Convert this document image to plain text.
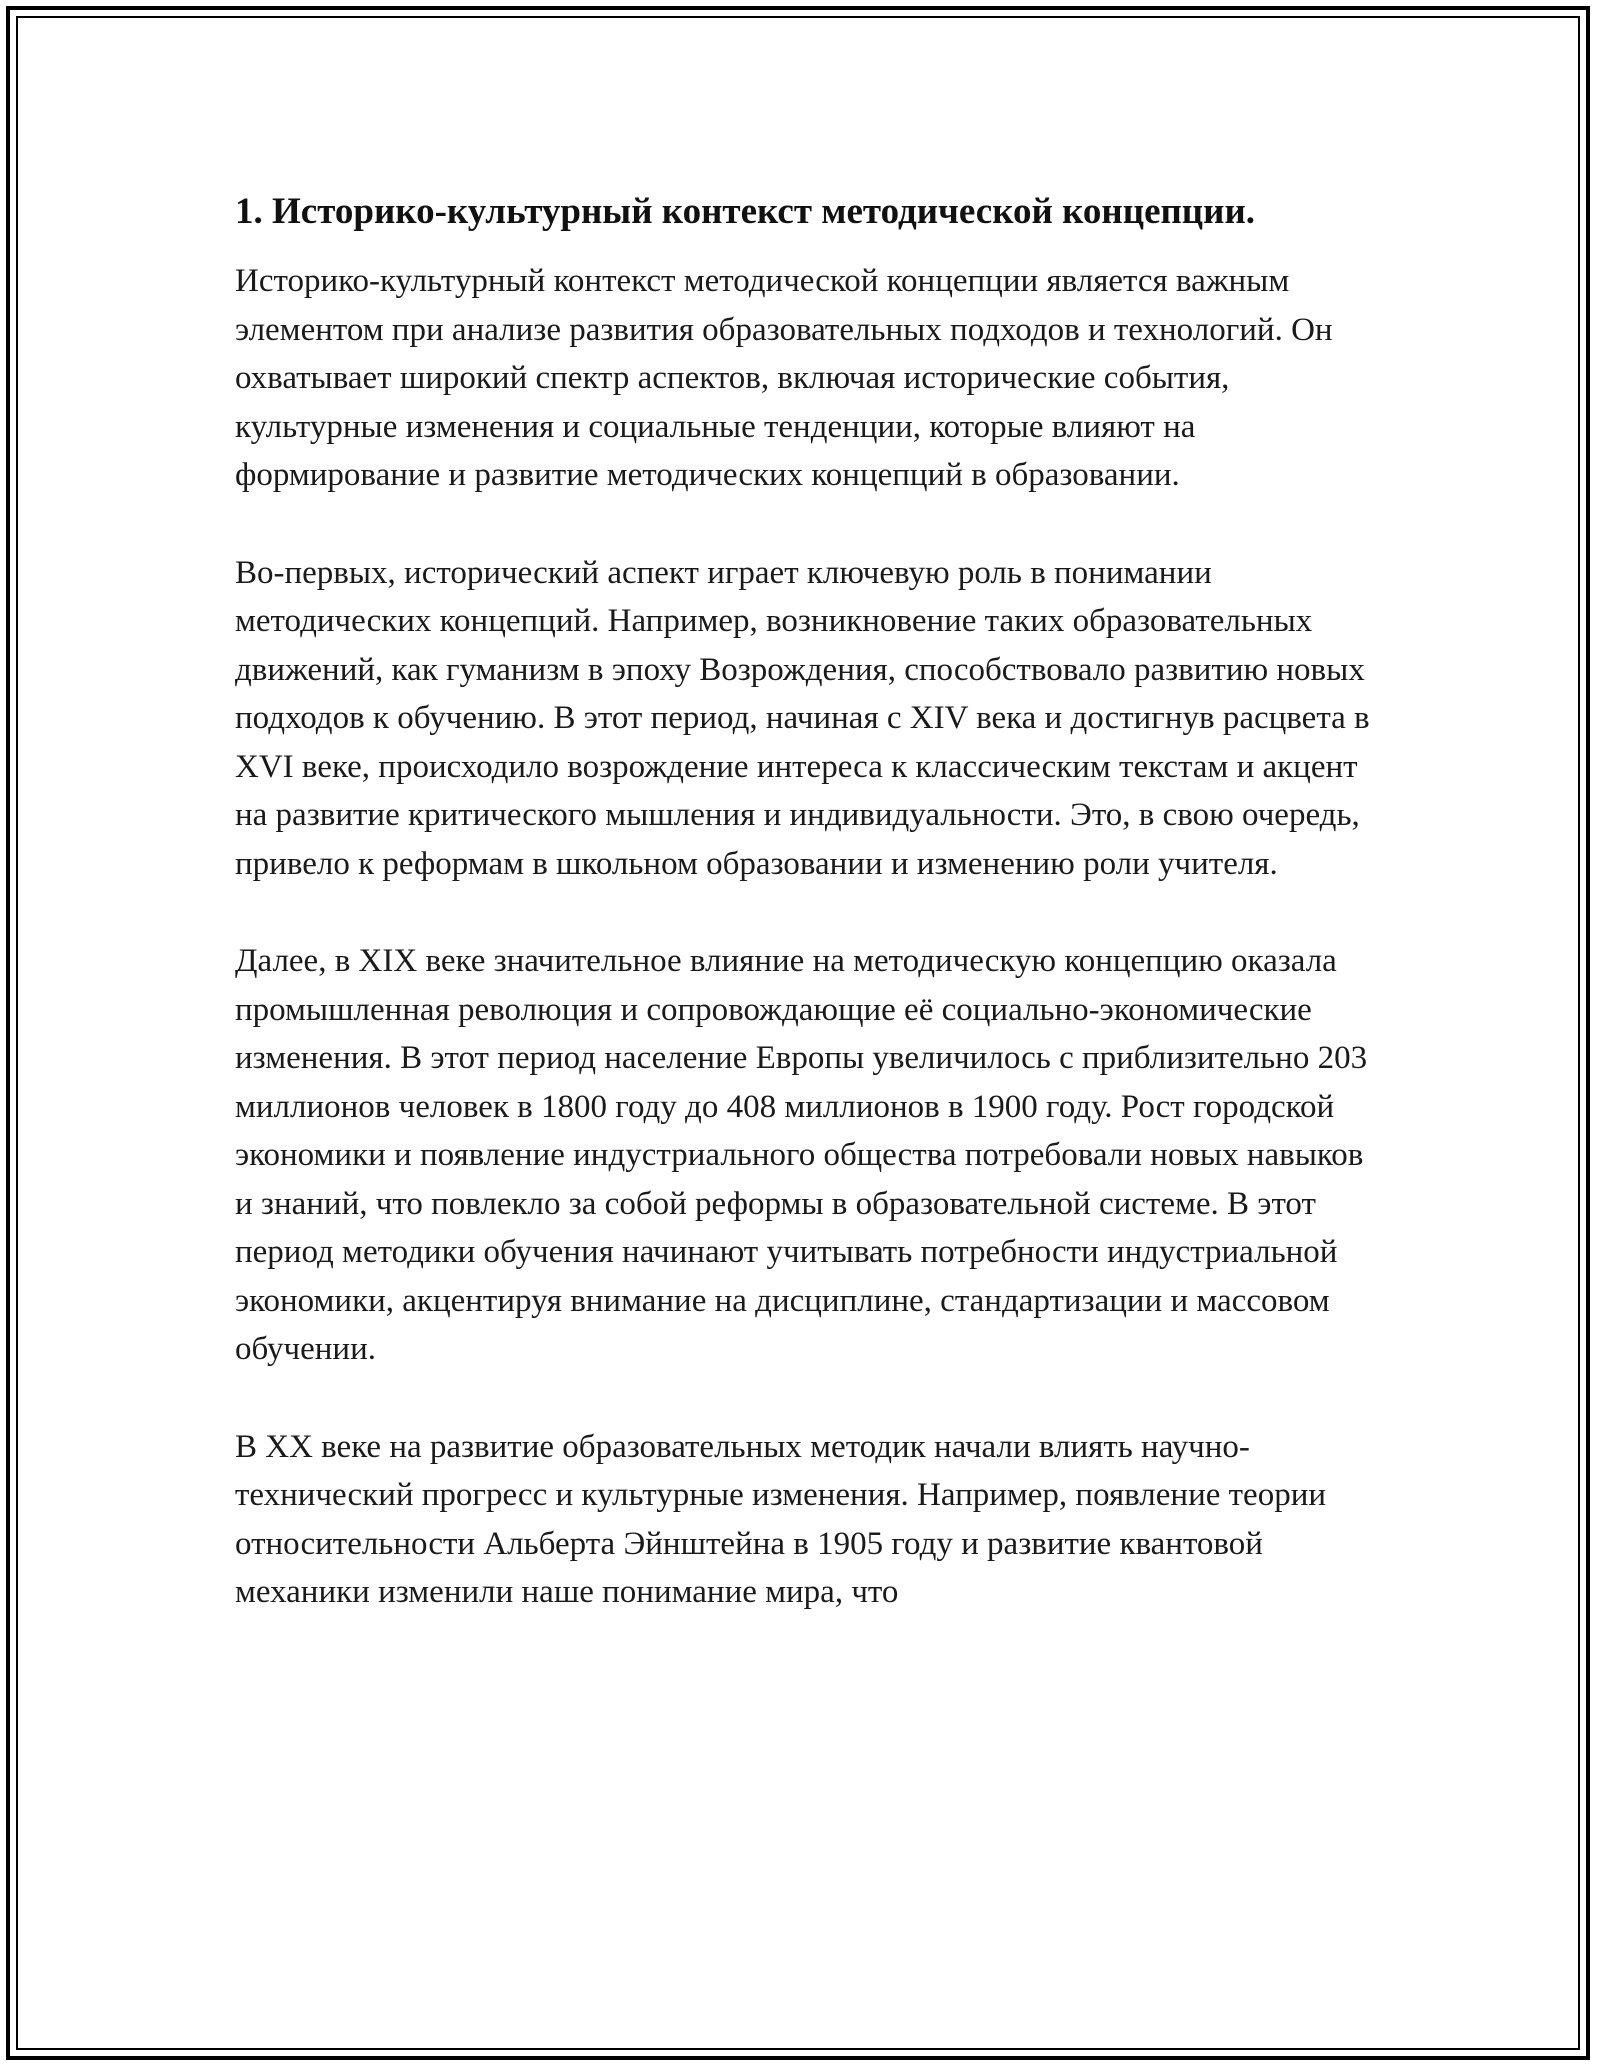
1. Историко-культурный контекст методической концепции.

Историко-культурный контекст методической концепции является важным элементом при анализе развития образовательных подходов и технологий. Он охватывает широкий спектр аспектов, включая исторические события, культурные изменения и социальные тенденции, которые влияют на формирование и развитие методических концепций в образовании.

Во-первых, исторический аспект играет ключевую роль в понимании методических концепций. Например, возникновение таких образовательных движений, как гуманизм в эпоху Возрождения, способствовало развитию новых подходов к обучению. В этот период, начиная с XIV века и достигнув расцвета в XVI веке, происходило возрождение интереса к классическим текстам и акцент на развитие критического мышления и индивидуальности. Это, в свою очередь, привело к реформам в школьном образовании и изменению роли учителя.

Далее, в XIX веке значительное влияние на методическую концепцию оказала промышленная революция и сопровождающие её социально-экономические изменения. В этот период население Европы увеличилось с приблизительно 203 миллионов человек в 1800 году до 408 миллионов в 1900 году. Рост городской экономики и появление индустриального общества потребовали новых навыков и знаний, что повлекло за собой реформы в образовательной системе. В этот период методики обучения начинают учитывать потребности индустриальной экономики, акцентируя внимание на дисциплине, стандартизации и массовом обучении.

В XX веке на развитие образовательных методик начали влиять научно-технический прогресс и культурные изменения. Например, появление теории относительности Альберта Эйнштейна в 1905 году и развитие квантовой механики изменили наше понимание мира, что
